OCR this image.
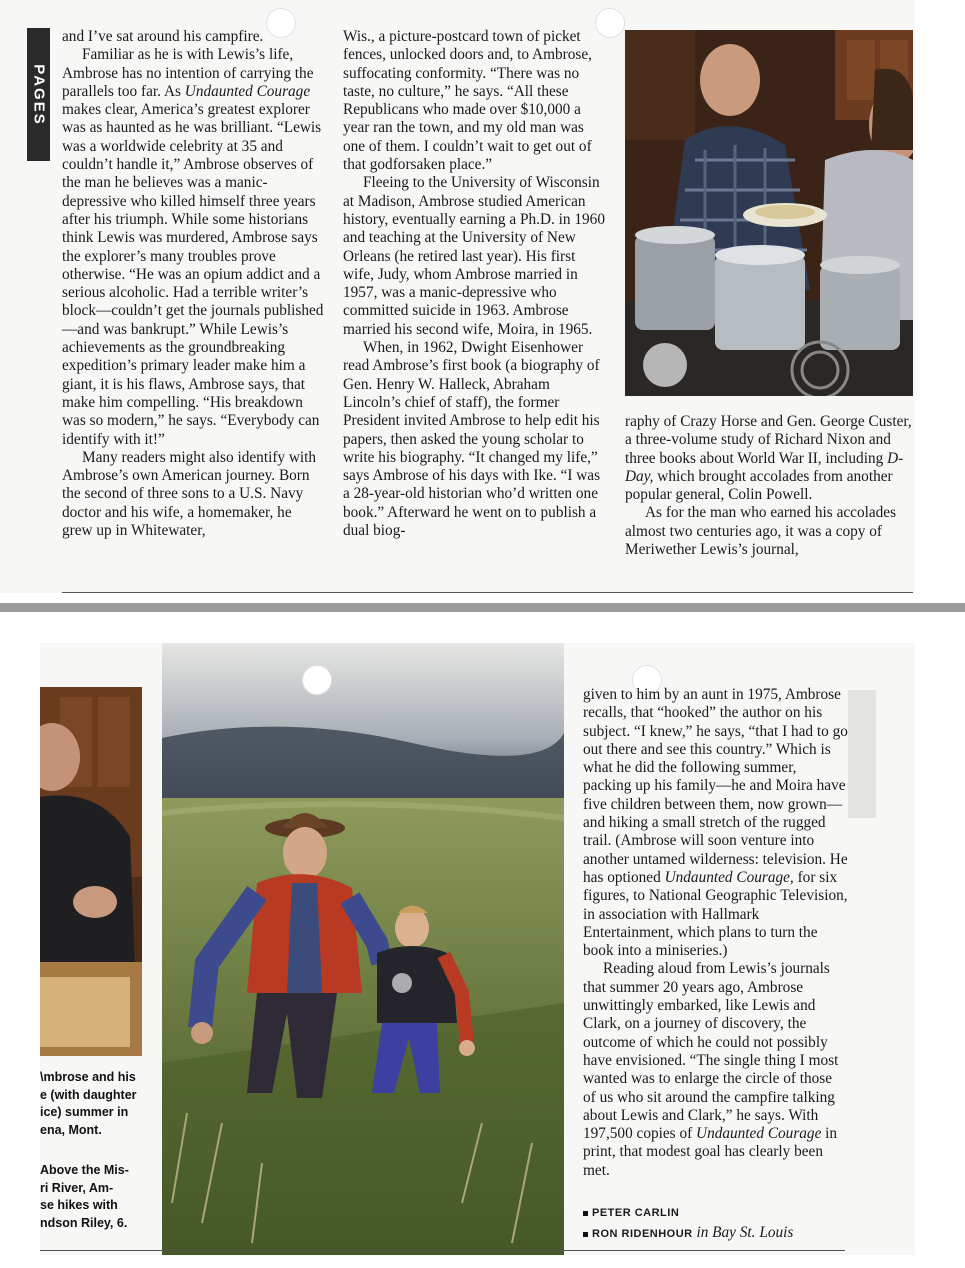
PAGES

and I’ve sat around his campfire.

Familiar as he is with Lewis’s life, Ambrose has no intention of carrying the parallels too far. As Undaunted Courage makes clear, America’s greatest explorer was as haunted as he was brilliant. “Lewis was a worldwide celebrity at 35 and couldn’t handle it,” Ambrose observes of the man he believes was a manic-depressive who killed himself three years after his triumph. While some historians think Lewis was murdered, Ambrose says the explorer’s many troubles prove otherwise. “He was an opium addict and a serious alcoholic. Had a terrible writer’s block—couldn’t get the journals published—and was bankrupt.” While Lewis’s achievements as the groundbreaking expedition’s primary leader make him a giant, it is his flaws, Ambrose says, that make him compelling. “His breakdown was so modern,” he says. “Everybody can identify with it!”

Many readers might also identify with Ambrose’s own American journey. Born the second of three sons to a U.S. Navy doctor and his wife, a homemaker, he grew up in Whitewater,

Wis., a picture-postcard town of picket fences, unlocked doors and, to Ambrose, suffocating conformity. “There was no taste, no culture,” he says. “All these Republicans who made over $10,000 a year ran the town, and my old man was one of them. I couldn’t wait to get out of that godforsaken place.”

Fleeing to the University of Wisconsin at Madison, Ambrose studied American history, eventually earning a Ph.D. in 1960 and teaching at the University of New Orleans (he retired last year). His first wife, Judy, whom Ambrose married in 1957, was a manic-depressive who committed suicide in 1963. Ambrose married his second wife, Moira, in 1965.

When, in 1962, Dwight Eisenhower read Ambrose’s first book (a biography of Gen. Henry W. Halleck, Abraham Lincoln’s chief of staff), the former President invited Ambrose to help edit his papers, then asked the young scholar to write his biography. “It changed my life,” says Ambrose of his days with Ike. “I was a 28-year-old historian who’d written one book.” Afterward he went on to publish a dual biog-

raphy of Crazy Horse and Gen. George Custer, a three-volume study of Richard Nixon and three books about World War II, including D-Day, which brought accolades from another popular general, Colin Powell.

As for the man who earned his accolades almost two centuries ago, it was a copy of Meriwether Lewis’s journal,

\mbrose and his
e (with daughter
ice) summer in
ena, Mont.
Above the Mis-
ri River, Am-
se hikes with
ndson Riley, 6.

given to him by an aunt in 1975, Ambrose recalls, that “hooked” the author on his subject. “I knew,” he says, “that I had to go out there and see this country.” Which is what he did the following summer, packing up his family—he and Moira have five children between them, now grown—and hiking a small stretch of the rugged trail. (Ambrose will soon venture into another untamed wilderness: television. He has optioned Undaunted Courage, for six figures, to National Geographic Television, in association with Hallmark Entertainment, which plans to turn the book into a miniseries.)

Reading aloud from Lewis’s journals that summer 20 years ago, Ambrose unwittingly embarked, like Lewis and Clark, on a journey of discovery, the outcome of which he could not possibly have envisioned. “The single thing I most wanted was to enlarge the circle of those of us who sit around the campfire talking about Lewis and Clark,” he says. With 197,500 copies of Undaunted Courage in print, that modest goal has clearly been met.

PETER CARLIN
RON RIDENHOUR in Bay St. Louis
